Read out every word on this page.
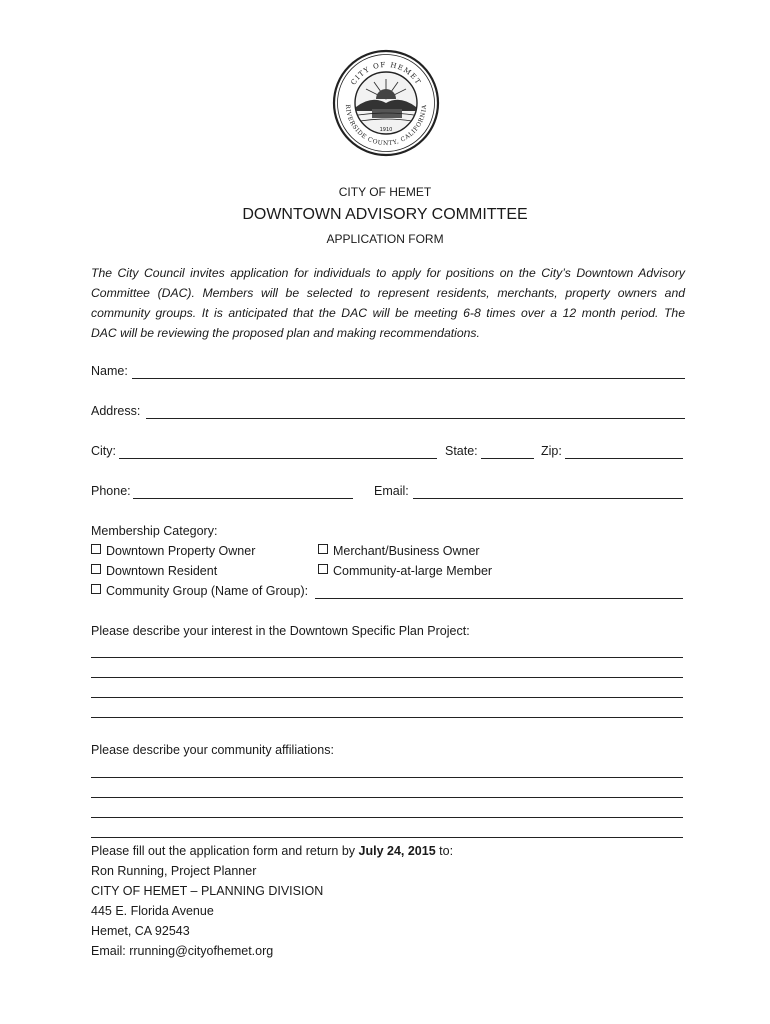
CITY OF HEMET
RIVERSIDE COUNTY, CALIFORNIA
1910
CITY OF HEMET
DOWNTOWN ADVISORY COMMITTEE
APPLICATION FORM
The City Council invites application for individuals to apply for positions on the City’s Downtown Advisory
Committee (DAC). Members will be selected to represent residents, merchants, property owners and
community groups. It is anticipated that the DAC will be meeting 6-8 times over a 12 month period. The
DAC will be reviewing the proposed plan and making recommendations.
Name:
Address:
City:	State:	Zip:
Phone:	Email:
Membership Category:
Downtown Property Owner	Merchant/Business Owner
Downtown Resident	Community-at-large Member
Community Group (Name of Group):
Please describe your interest in the Downtown Specific Plan Project:
Please describe your community affiliations:
Please fill out the application form and return by July 24, 2015 to:
Ron Running, Project Planner
CITY OF HEMET – PLANNING DIVISION
445 E. Florida Avenue
Hemet, CA 92543
Email: rrunning@cityofhemet.org
